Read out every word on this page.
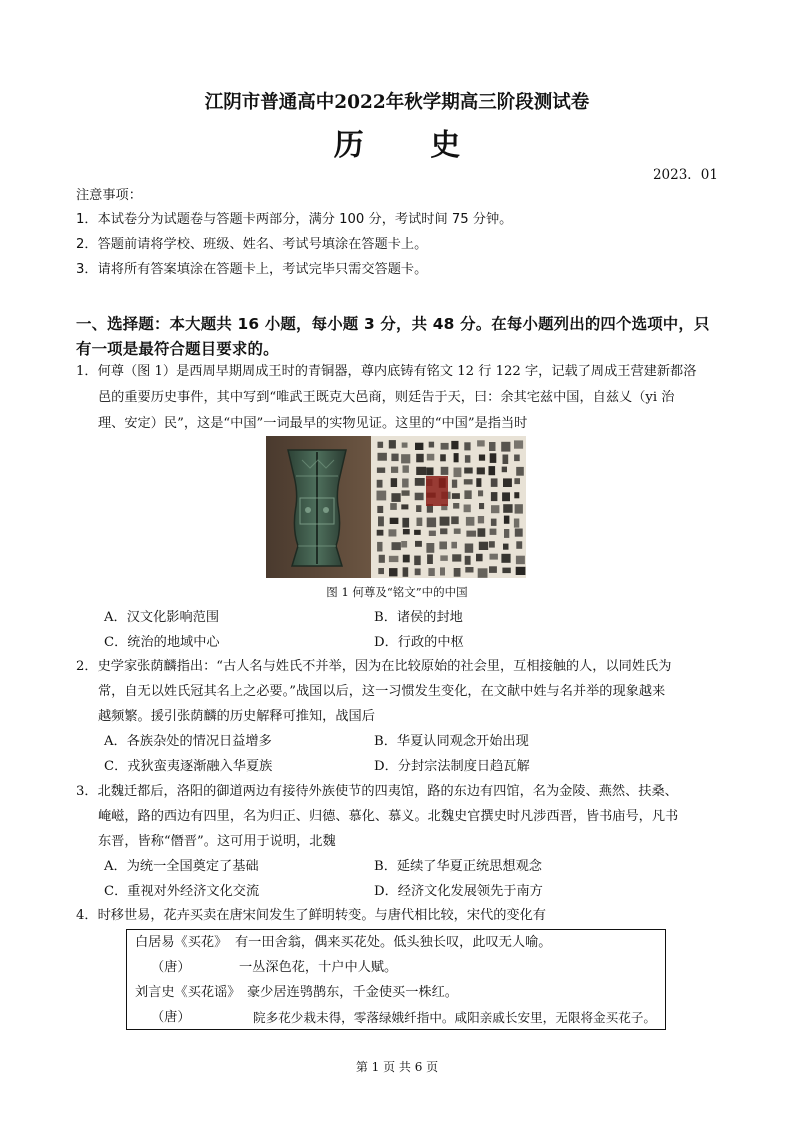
江阴市普通高中2022年秋学期高三阶段测试卷
历 史
2023．01
注意事项：
1．本试卷分为试题卷与答题卡两部分，满分 100 分，考试时间 75 分钟。
2．答题前请将学校、班级、姓名、考试号填涂在答题卡上。
3．请将所有答案填涂在答题卡上，考试完毕只需交答题卡。
一、选择题：本大题共 16 小题，每小题 3 分，共 48 分。在每小题列出的四个选项中，只有一项是最符合题目要求的。
1．何尊（图 1）是西周早期周成王时的青铜器，尊内底铸有铭文 12 行 122 字，记载了周成王营建新都洛
邑的重要历史事件，其中写到“唯武王既克大邑商，则廷告于天，曰：余其宅兹中国，自兹乂（yi 治
理、安定）民”，这是“中国”一词最早的实物见证。这里的“中国”是指当时
图 1 何尊及“铭文”中的中国
A．汉文化影响范围	B．诸侯的封地
C．统治的地域中心	D．行政的中枢
2．史学家张荫麟指出：“古人名与姓氏不并举，因为在比较原始的社会里，互相接触的人，以同姓氏为
常，自无以姓氏冠其名上之必要。”战国以后，这一习惯发生变化，在文献中姓与名并举的现象越来
越频繁。援引张荫麟的历史解释可推知，战国后
A．各族杂处的情况日益增多	B．华夏认同观念开始出现
C．戎狄蛮夷逐渐融入华夏族	D．分封宗法制度日趋瓦解
3．北魏迁都后，洛阳的御道两边有接待外族使节的四夷馆，路的东边有四馆，名为金陵、燕然、扶桑、
崦嵫，路的西边有四里，名为归正、归德、慕化、慕义。北魏史官撰史时凡涉西晋，皆书庙号，凡书
东晋，皆称“僭晋”。这可用于说明，北魏
A．为统一全国奠定了基础	B．延续了华夏正统思想观念
C．重视对外经济文化交流	D．经济文化发展领先于南方
4．时移世易，花卉买卖在唐宋间发生了鲜明转变。与唐代相比较，宋代的变化有
白居易《买花》 有一田舍翁，偶来买花处。低头独长叹，此叹无人喻。
（唐）	一丛深色花，十户中人赋。
刘言史《买花谣》 豪少居连鸮鹊东，千金使买一株红。
（唐）	院多花少栽未得，零落绿娥纤指中。咸阳亲戚长安里，无限将金买花子。
第 1 页 共 6 页
